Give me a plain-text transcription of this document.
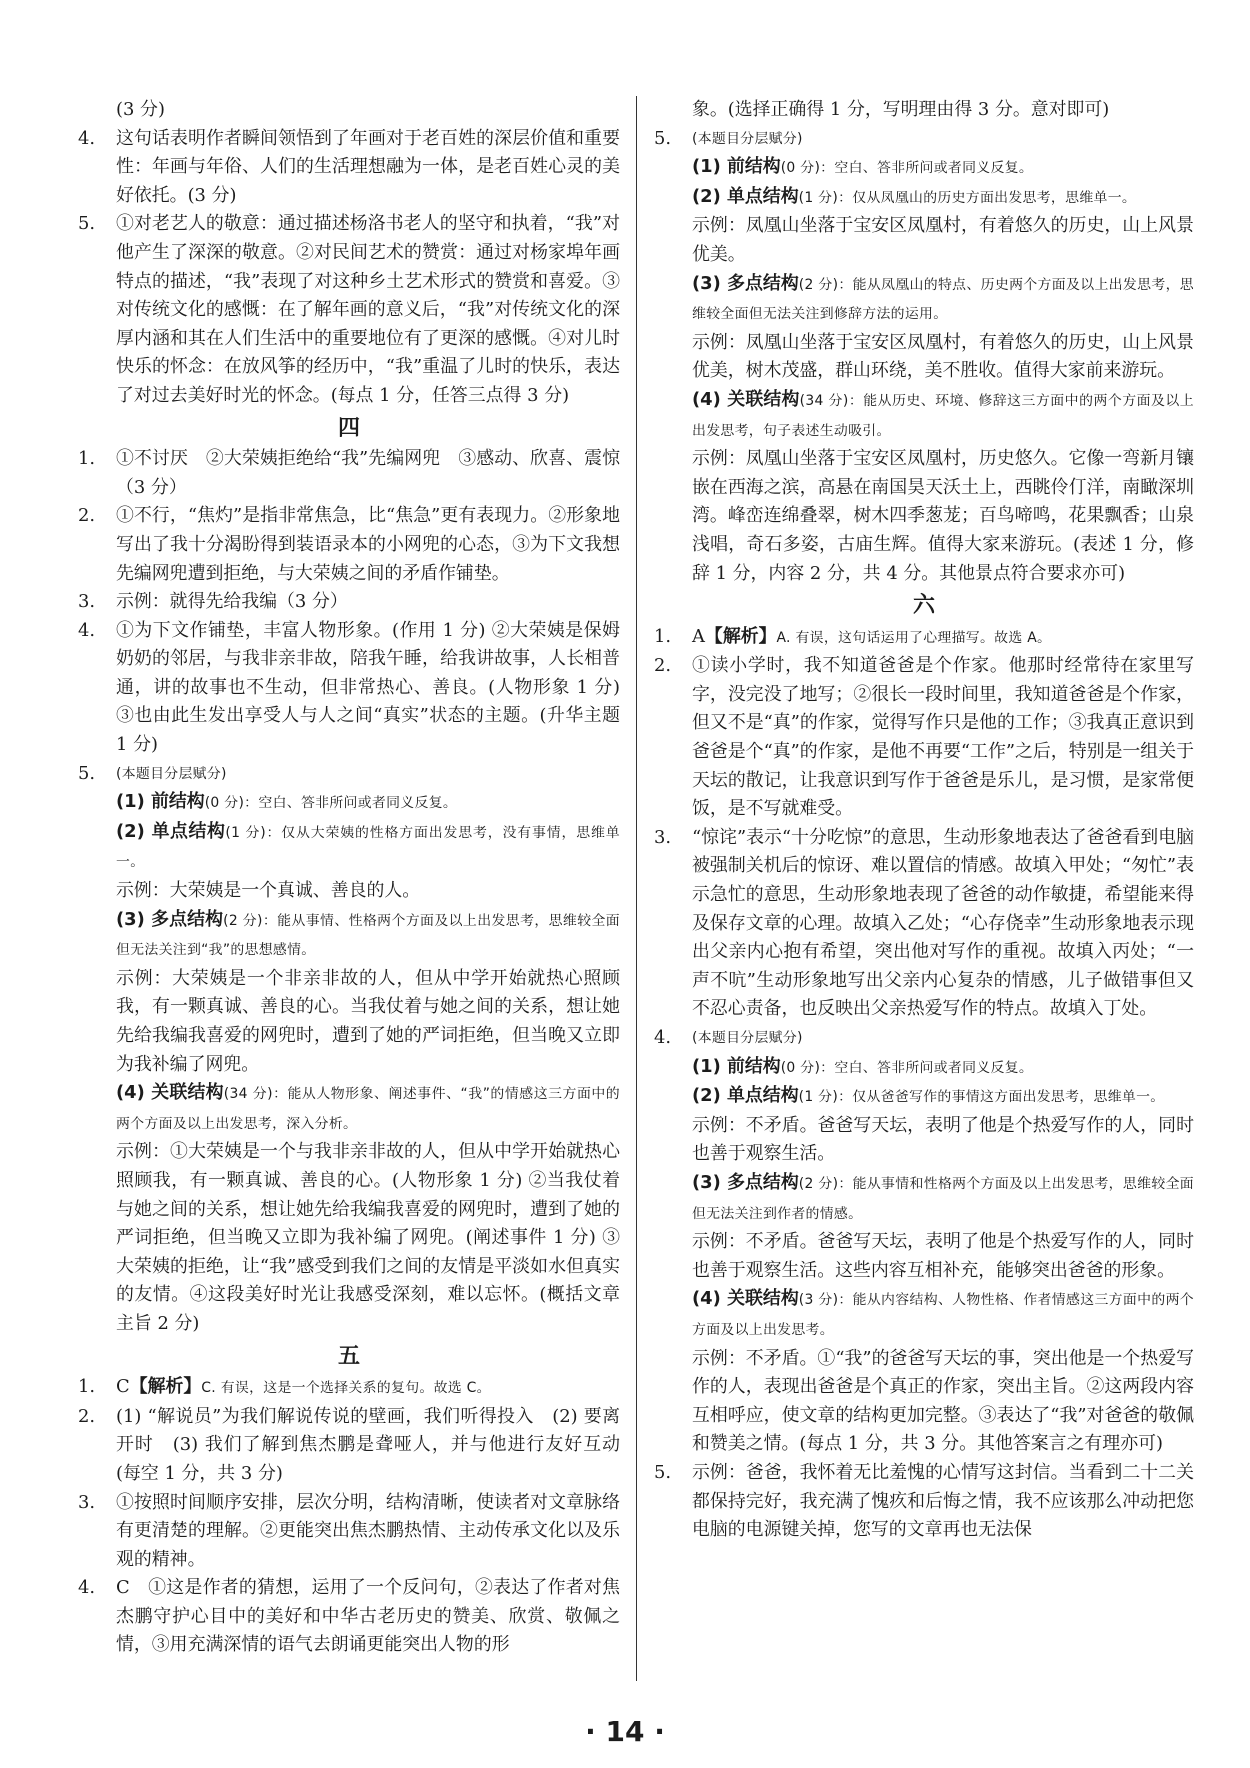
(3 分)
4.	这句话表明作者瞬间领悟到了年画对于老百姓的深层价值和重要性：年画与年俗、人们的生活理想融为一体，是老百姓心灵的美好依托。(3 分)
5.	①对老艺人的敬意：通过描述杨洛书老人的坚守和执着，“我”对他产生了深深的敬意。②对民间艺术的赞赏：通过对杨家埠年画特点的描述，“我”表现了对这种乡土艺术形式的赞赏和喜爱。③对传统文化的感慨：在了解年画的意义后，“我”对传统文化的深厚内涵和其在人们生活中的重要地位有了更深的感慨。④对儿时快乐的怀念：在放风筝的经历中，“我”重温了儿时的快乐，表达了对过去美好时光的怀念。(每点 1 分，任答三点得 3 分)
四
1.	①不讨厌　②大荣姨拒绝给“我”先编网兜　③感动、欣喜、震惊（3 分）
2.	①不行，“焦灼”是指非常焦急，比“焦急”更有表现力。②形象地写出了我十分渴盼得到装语录本的小网兜的心态，③为下文我想先编网兜遭到拒绝，与大荣姨之间的矛盾作铺垫。
3.	示例：就得先给我编（3 分）
4.	①为下文作铺垫，丰富人物形象。(作用 1 分) ②大荣姨是保姆奶奶的邻居，与我非亲非故，陪我午睡，给我讲故事，人长相普通，讲的故事也不生动，但非常热心、善良。(人物形象 1 分) ③也由此生发出享受人与人之间“真实”状态的主题。(升华主题 1 分)
5.	(本题目分层赋分)
(1) 前结构(0 分)：空白、答非所问或者同义反复。
(2) 单点结构(1 分)：仅从大荣姨的性格方面出发思考，没有事情，思维单一。
示例：大荣姨是一个真诚、善良的人。
(3) 多点结构(2 分)：能从事情、性格两个方面及以上出发思考，思维较全面但无法关注到“我”的思想感情。
示例：大荣姨是一个非亲非故的人，但从中学开始就热心照顾我，有一颗真诚、善良的心。当我仗着与她之间的关系，想让她先给我编我喜爱的网兜时，遭到了她的严词拒绝，但当晚又立即为我补编了网兜。
(4) 关联结构(34 分)：能从人物形象、阐述事件、“我”的情感这三方面中的两个方面及以上出发思考，深入分析。
示例：①大荣姨是一个与我非亲非故的人，但从中学开始就热心照顾我，有一颗真诚、善良的心。(人物形象 1 分) ②当我仗着与她之间的关系，想让她先给我编我喜爱的网兜时，遭到了她的严词拒绝，但当晚又立即为我补编了网兜。(阐述事件 1 分) ③大荣姨的拒绝，让“我”感受到我们之间的友情是平淡如水但真实的友情。④这段美好时光让我感受深刻，难以忘怀。(概括文章主旨 2 分)
五
1.	C【解析】C. 有误，这是一个选择关系的复句。故选 C。
2.	(1) “解说员”为我们解说传说的壁画，我们听得投入　(2) 要离开时　(3) 我们了解到焦杰鹏是聋哑人，并与他进行友好互动　(每空 1 分，共 3 分)
3.	①按照时间顺序安排，层次分明，结构清晰，使读者对文章脉络有更清楚的理解。②更能突出焦杰鹏热情、主动传承文化以及乐观的精神。
4.	C　①这是作者的猜想，运用了一个反问句，②表达了作者对焦杰鹏守护心目中的美好和中华古老历史的赞美、欣赏、敬佩之情，③用充满深情的语气去朗诵更能突出人物的形
象。(选择正确得 1 分，写明理由得 3 分。意对即可)
5.	(本题目分层赋分)
(1) 前结构(0 分)：空白、答非所问或者同义反复。
(2) 单点结构(1 分)：仅从凤凰山的历史方面出发思考，思维单一。
示例：凤凰山坐落于宝安区凤凰村，有着悠久的历史，山上风景优美。
(3) 多点结构(2 分)：能从凤凰山的特点、历史两个方面及以上出发思考，思维较全面但无法关注到修辞方法的运用。
示例：凤凰山坐落于宝安区凤凰村，有着悠久的历史，山上风景优美，树木茂盛，群山环绕，美不胜收。值得大家前来游玩。
(4) 关联结构(34 分)：能从历史、环境、修辞这三方面中的两个方面及以上出发思考，句子表述生动吸引。
示例：凤凰山坐落于宝安区凤凰村，历史悠久。它像一弯新月镶嵌在西海之滨，高悬在南国昊天沃土上，西眺伶仃洋，南瞰深圳湾。峰峦连绵叠翠，树木四季葱茏；百鸟啼鸣，花果飘香；山泉浅唱，奇石多姿，古庙生辉。值得大家来游玩。(表述 1 分，修辞 1 分，内容 2 分，共 4 分。其他景点符合要求亦可)
六
1.	A【解析】A. 有误，这句话运用了心理描写。故选 A。
2.	①读小学时，我不知道爸爸是个作家。他那时经常待在家里写字，没完没了地写；②很长一段时间里，我知道爸爸是个作家，但又不是“真”的作家，觉得写作只是他的工作；③我真正意识到爸爸是个“真”的作家，是他不再要“工作”之后，特别是一组关于天坛的散记，让我意识到写作于爸爸是乐儿，是习惯，是家常便饭，是不写就难受。
3.	“惊诧”表示“十分吃惊”的意思，生动形象地表达了爸爸看到电脑被强制关机后的惊讶、难以置信的情感。故填入甲处；“匆忙”表示急忙的意思，生动形象地表现了爸爸的动作敏捷，希望能来得及保存文章的心理。故填入乙处；“心存侥幸”生动形象地表示现出父亲内心抱有希望，突出他对写作的重视。故填入丙处；“一声不吭”生动形象地写出父亲内心复杂的情感，儿子做错事但又不忍心责备，也反映出父亲热爱写作的特点。故填入丁处。
4.	(本题目分层赋分)
(1) 前结构(0 分)：空白、答非所问或者同义反复。
(2) 单点结构(1 分)：仅从爸爸写作的事情这方面出发思考，思维单一。
示例：不矛盾。爸爸写天坛，表明了他是个热爱写作的人，同时也善于观察生活。
(3) 多点结构(2 分)：能从事情和性格两个方面及以上出发思考，思维较全面但无法关注到作者的情感。
示例：不矛盾。爸爸写天坛，表明了他是个热爱写作的人，同时也善于观察生活。这些内容互相补充，能够突出爸爸的形象。
(4) 关联结构(3 分)：能从内容结构、人物性格、作者情感这三方面中的两个方面及以上出发思考。
示例：不矛盾。①“我”的爸爸写天坛的事，突出他是一个热爱写作的人，表现出爸爸是个真正的作家，突出主旨。②这两段内容互相呼应，使文章的结构更加完整。③表达了“我”对爸爸的敬佩和赞美之情。(每点 1 分，共 3 分。其他答案言之有理亦可)
5.	示例：爸爸，我怀着无比羞愧的心情写这封信。当看到二十二关都保持完好，我充满了愧疚和后悔之情，我不应该那么冲动把您电脑的电源键关掉，您写的文章再也无法保
· 14 ·
